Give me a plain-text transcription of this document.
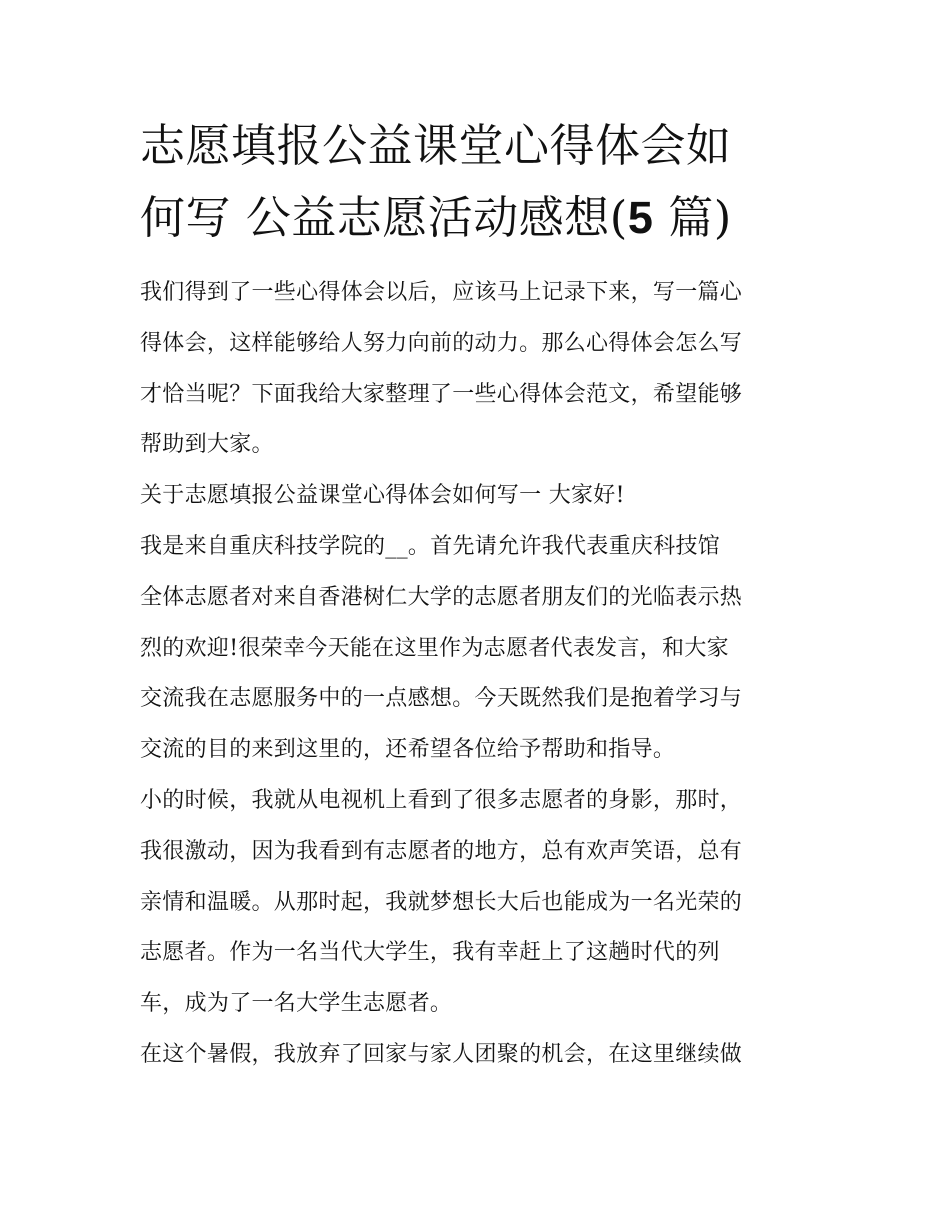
志愿填报公益课堂心得体会如
何写 公益志愿活动感想(5 篇)

我们得到了一些心得体会以后，应该马上记录下来，写一篇心
得体会，这样能够给人努力向前的动力。那么心得体会怎么写
才恰当呢？下面我给大家整理了一些心得体会范文，希望能够
帮助到大家。

关于志愿填报公益课堂心得体会如何写一 大家好!

我是来自重庆科技学院的__。首先请允许我代表重庆科技馆
全体志愿者对来自香港树仁大学的志愿者朋友们的光临表示热
烈的欢迎!很荣幸今天能在这里作为志愿者代表发言，和大家
交流我在志愿服务中的一点感想。今天既然我们是抱着学习与
交流的目的来到这里的，还希望各位给予帮助和指导。

小的时候，我就从电视机上看到了很多志愿者的身影，那时，
我很激动，因为我看到有志愿者的地方，总有欢声笑语，总有
亲情和温暖。从那时起，我就梦想长大后也能成为一名光荣的
志愿者。作为一名当代大学生，我有幸赶上了这趟时代的列
车，成为了一名大学生志愿者。

在这个暑假，我放弃了回家与家人团聚的机会，在这里继续做
